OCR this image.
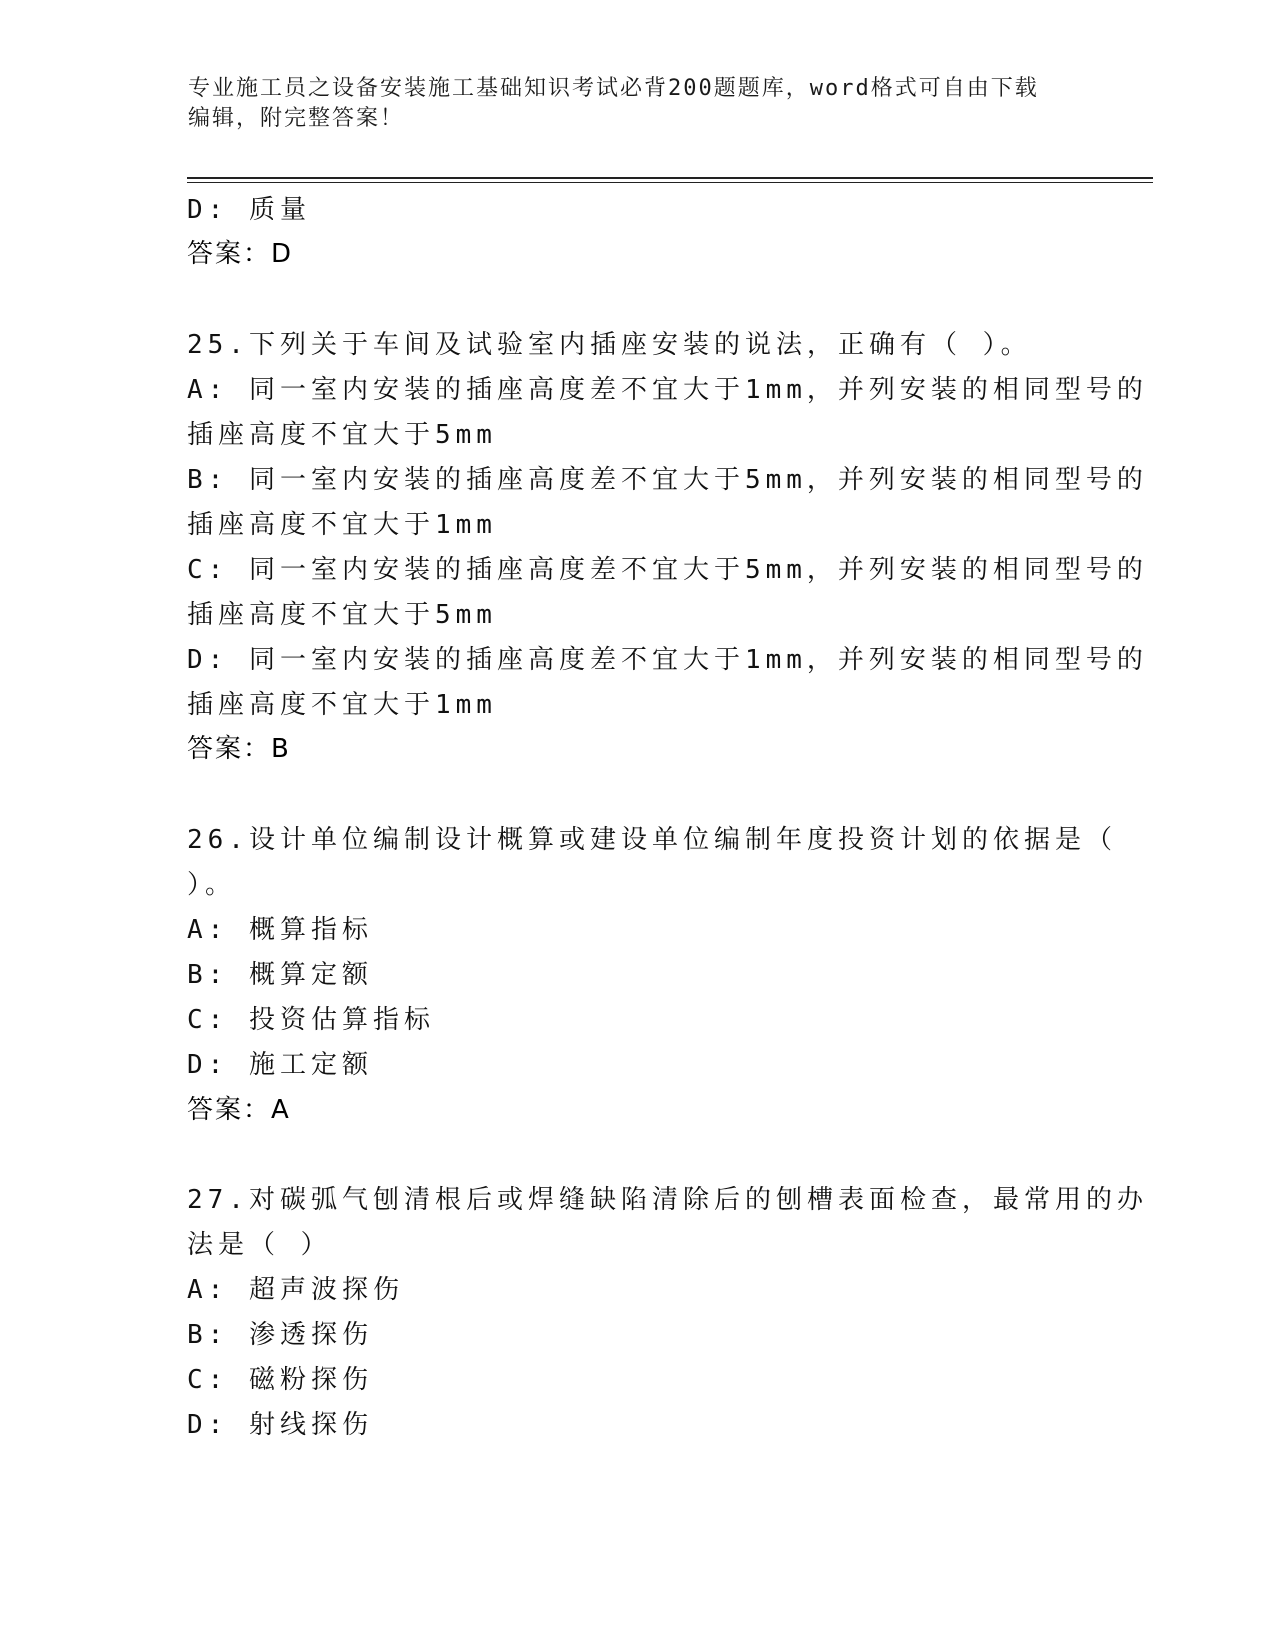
专业施工员之设备安装施工基础知识考试必背200题题库，word格式可自由下载
编辑，附完整答案！
D: 质量
答案：D
25.下列关于车间及试验室内插座安装的说法，正确有（ ）。
A: 同一室内安装的插座高度差不宜大于1mm，并列安装的相同型号的
插座高度不宜大于5mm
B: 同一室内安装的插座高度差不宜大于5mm，并列安装的相同型号的
插座高度不宜大于1mm
C: 同一室内安装的插座高度差不宜大于5mm，并列安装的相同型号的
插座高度不宜大于5mm
D: 同一室内安装的插座高度差不宜大于1mm，并列安装的相同型号的
插座高度不宜大于1mm
答案：B
26.设计单位编制设计概算或建设单位编制年度投资计划的依据是（
）。
A: 概算指标
B: 概算定额
C: 投资估算指标
D: 施工定额
答案：A
27.对碳弧气刨清根后或焊缝缺陷清除后的刨槽表面检查，最常用的办
法是（ ）
A: 超声波探伤
B: 渗透探伤
C: 磁粉探伤
D: 射线探伤
